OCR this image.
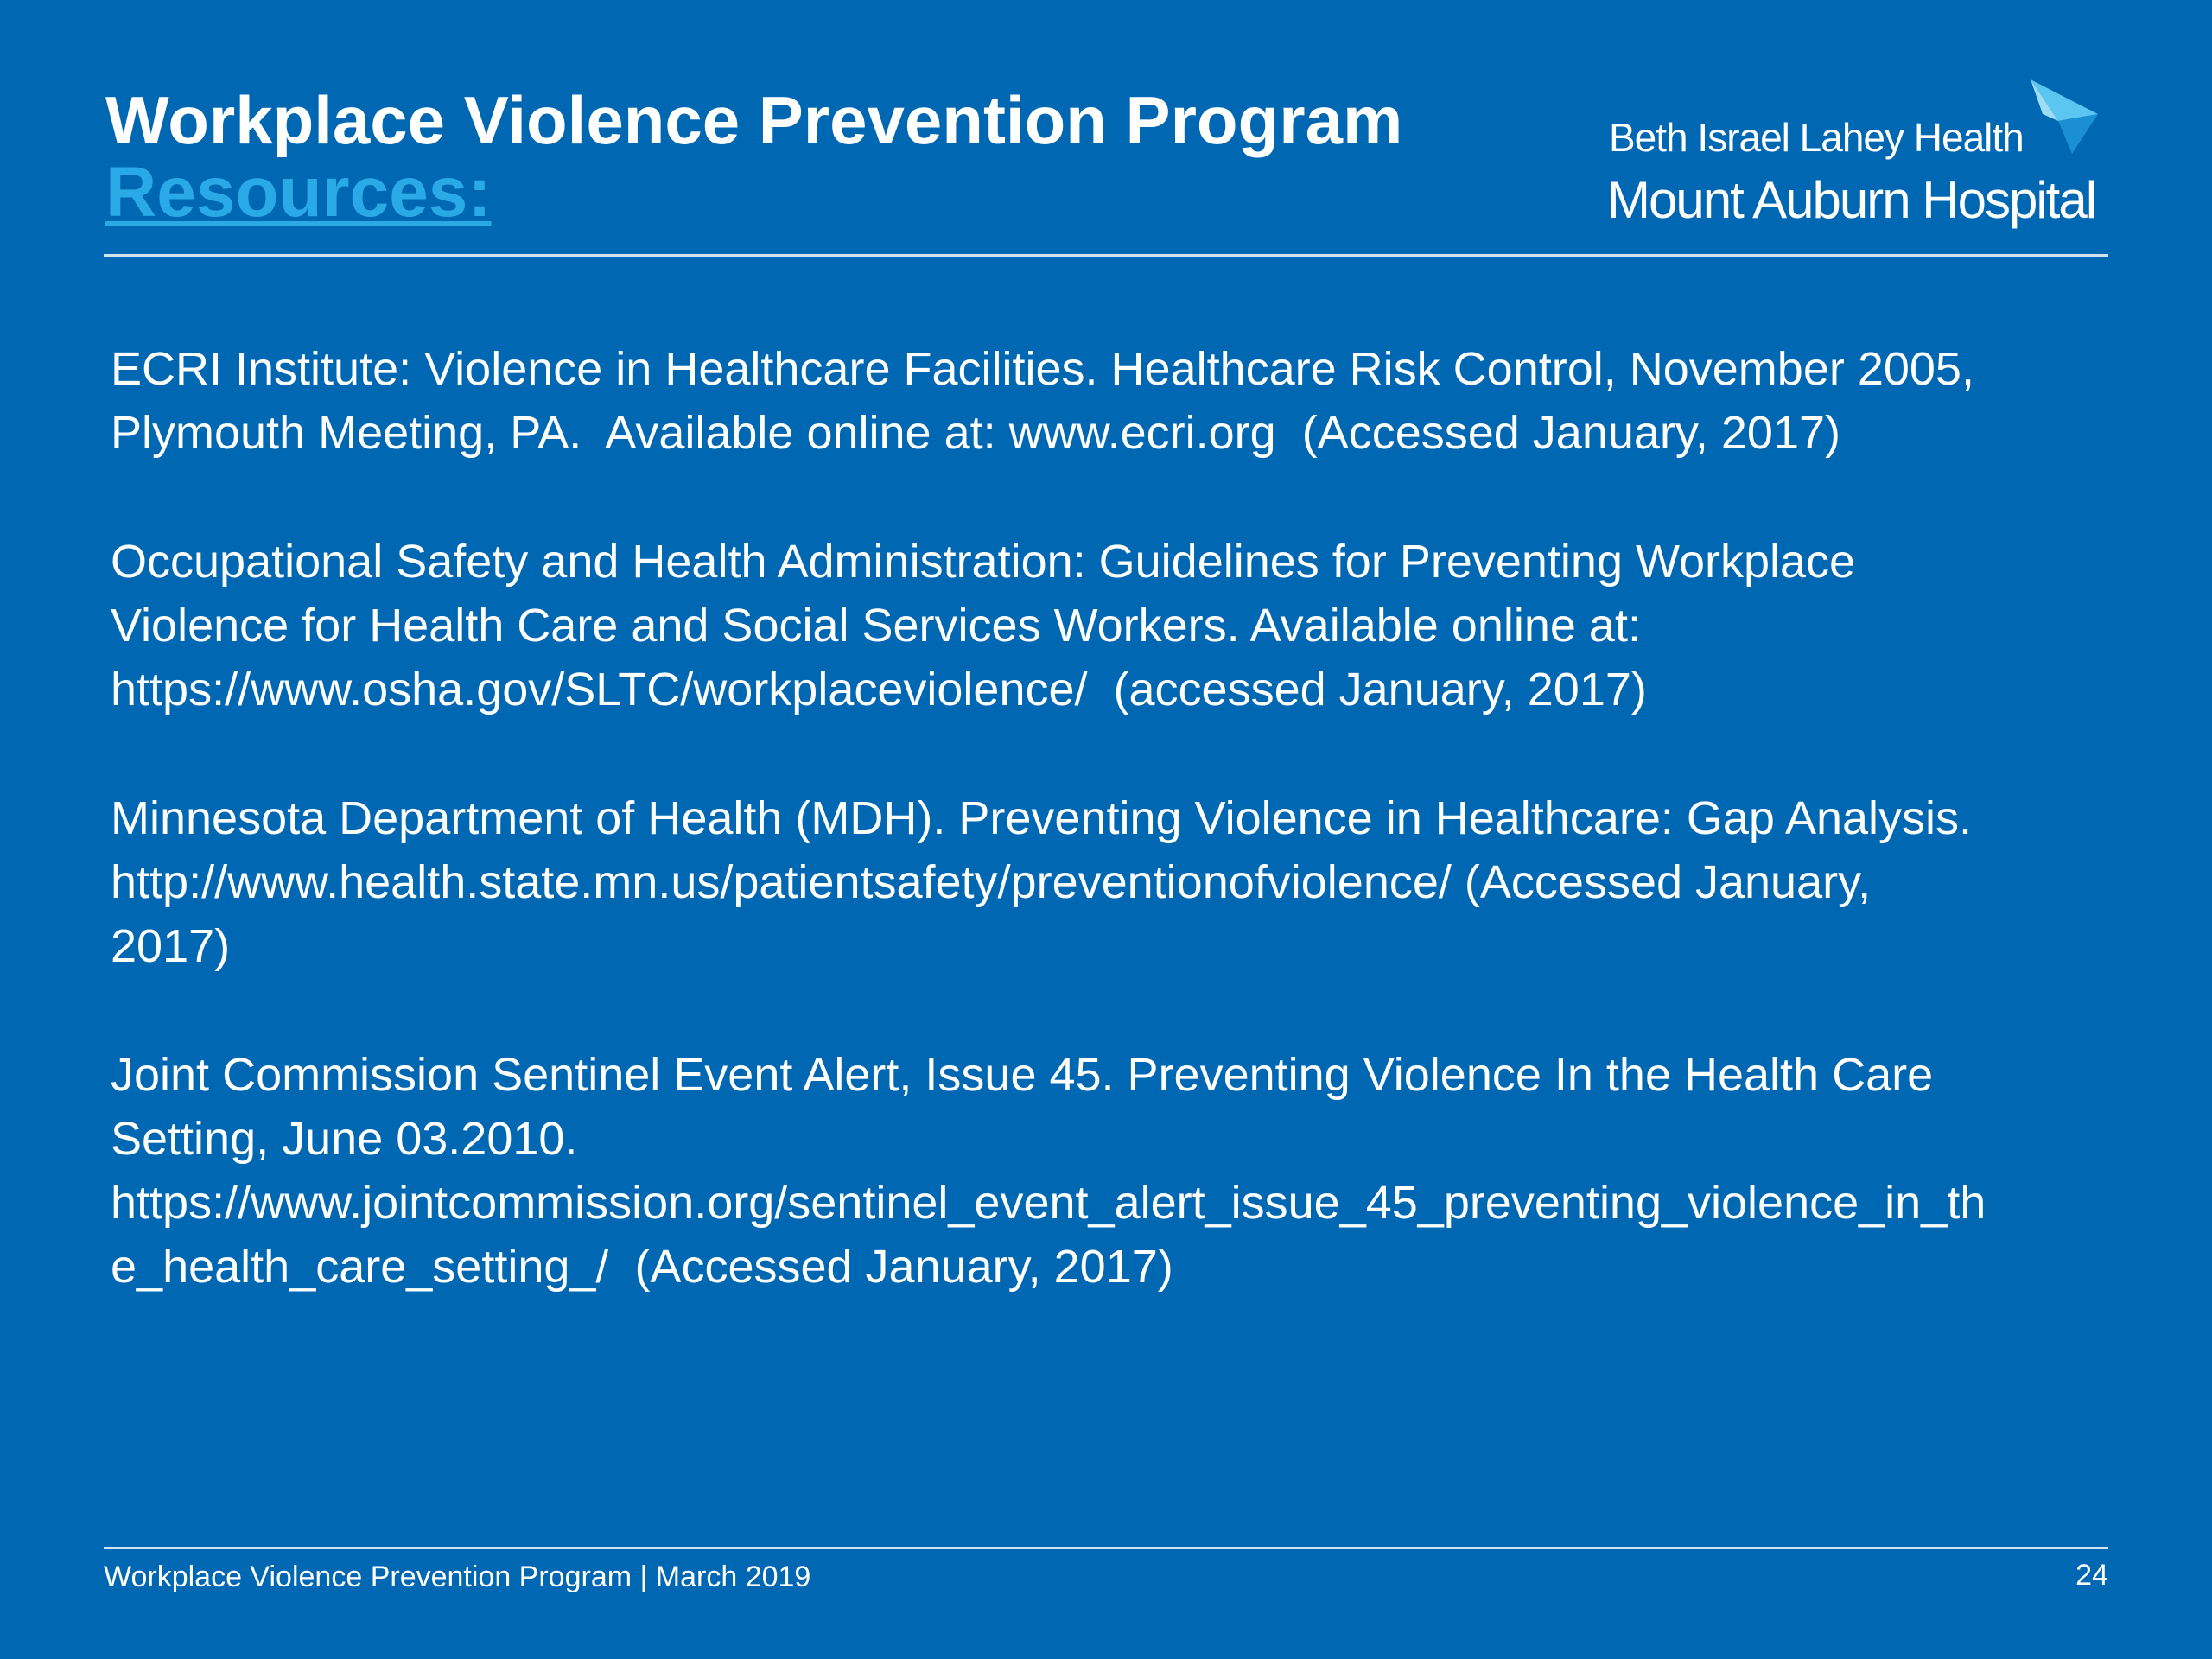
Workplace Violence Prevention Program
Resources:
Beth Israel Lahey Health
Mount Auburn Hospital
ECRI Institute: Violence in Healthcare Facilities. Healthcare Risk Control, November 2005,
Plymouth Meeting, PA.  Available online at: www.ecri.org  (Accessed January, 2017)
Occupational Safety and Health Administration: Guidelines for Preventing Workplace
Violence for Health Care and Social Services Workers. Available online at:
https://www.osha.gov/SLTC/workplaceviolence/  (accessed January, 2017)
Minnesota Department of Health (MDH). Preventing Violence in Healthcare: Gap Analysis.
http://www.health.state.mn.us/patientsafety/preventionofviolence/ (Accessed January,
2017)
Joint Commission Sentinel Event Alert, Issue 45. Preventing Violence In the Health Care
Setting, June 03.2010.
https://www.jointcommission.org/sentinel_event_alert_issue_45_preventing_violence_in_th
e_health_care_setting_/  (Accessed January, 2017)
Workplace Violence Prevention Program | March 2019	24
